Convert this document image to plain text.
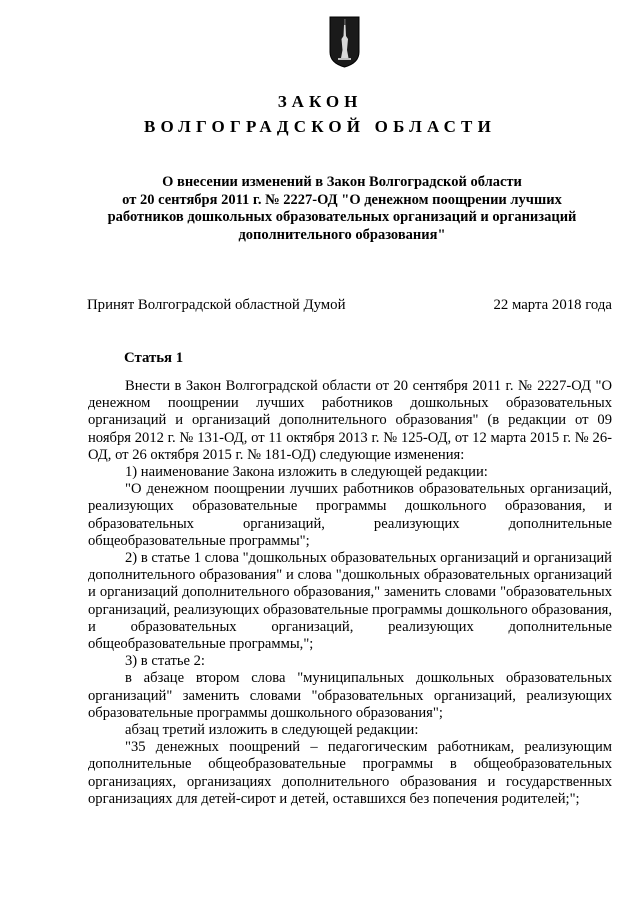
ЗАКОН
ВОЛГОГРАДСКОЙ ОБЛАСТИ
О внесении изменений в Закон Волгоградской области
от 20 сентября 2011 г. № 2227-ОД "О денежном поощрении лучших
работников дошкольных образовательных организаций и организаций
дополнительного образования"
Принят Волгоградской областной Думой	22 марта 2018 года
Статья 1

Внести в Закон Волгоградской области от 20 сентября 2011 г. № 2227-ОД "О денежном поощрении лучших работников дошкольных образовательных организаций и организаций дополнительного образования" (в редакции от 09 ноября 2012 г. № 131-ОД, от 11 октября 2013 г. № 125-ОД, от 12 марта 2015 г. № 26-ОД, от 26 октября 2015 г. № 181-ОД) следующие изменения:

1) наименование Закона изложить в следующей редакции:

"О денежном поощрении лучших работников образовательных организаций, реализующих образовательные программы дошкольного образования, и образовательных организаций, реализующих дополнительные общеобразовательные программы";

2) в статье 1 слова "дошкольных образовательных организаций и организаций дополнительного образования" и слова "дошкольных образовательных организаций и организаций дополнительного образования," заменить словами "образовательных организаций, реализующих образовательные программы дошкольного образования, и образовательных организаций, реализующих дополнительные общеобразовательные программы,";

3) в статье 2:

в абзаце втором слова "муниципальных дошкольных образовательных организаций" заменить словами "образовательных организаций, реализующих образовательные программы дошкольного образования";

абзац третий изложить в следующей редакции:

"35 денежных поощрений – педагогическим работникам, реализующим дополнительные общеобразовательные программы в общеобразовательных организациях, организациях дополнительного образования и государственных организациях для детей-сирот и детей, оставшихся без попечения родителей;";
